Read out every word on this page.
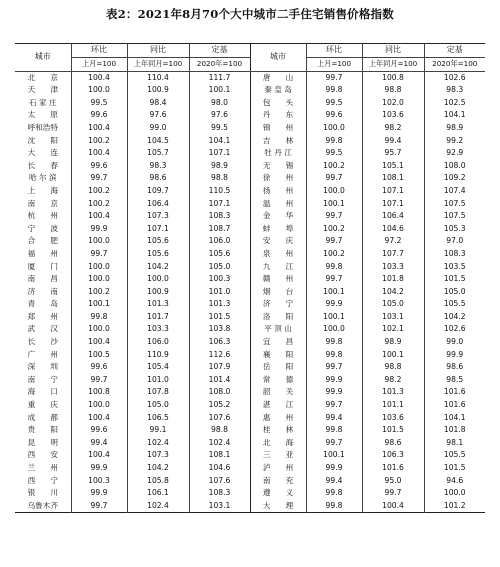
表2：2021年8月70个大中城市二手住宅销售价格指数
城市	环比	同比	定基	城市	环比	同比	定基
	上月=100	上年同月=100	2020年=100		上月=100	上年同月=100	2020年=100
北　　京	100.4	110.4	111.7	唐　　山	99.7	100.8	102.6
天　　津	100.0	100.9	100.1	秦 皇 岛	99.8	98.8	98.3
石 家 庄	99.5	98.4	98.0	包　　头	99.5	102.0	102.5
太　　原	99.6	97.6	97.6	丹　　东	99.6	103.6	104.1
呼和浩特	100.4	99.0	99.5	锦　　州	100.0	98.2	98.9
沈　　阳	100.2	104.5	104.1	吉　　林	99.8	99.4	99.2
大　　连	100.4	105.7	107.1	牡 丹 江	99.5	95.7	92.9
长　　春	99.6	98.3	98.9	无　　锡	100.2	105.1	108.0
哈 尔 滨	99.7	98.6	98.8	徐　　州	99.7	108.1	109.2
上　　海	100.2	109.7	110.5	扬　　州	100.0	107.1	107.4
南　　京	100.2	106.4	107.1	温　　州	100.1	107.1	107.5
杭　　州	100.4	107.3	108.3	金　　华	99.7	106.4	107.5
宁　　波	99.9	107.1	108.7	蚌　　埠	100.2	104.6	105.3
合　　肥	100.0	105.6	106.0	安　　庆	99.7	97.2	97.0
福　　州	99.7	105.6	105.6	泉　　州	100.2	107.7	108.3
厦　　门	100.0	104.2	105.0	九　　江	99.8	103.3	103.5
南　　昌	100.0	100.0	100.3	赣　　州	99.7	101.8	101.5
济　　南	100.2	100.9	101.0	烟　　台	100.1	104.2	105.0
青　　岛	100.1	101.3	101.3	济　　宁	99.9	105.0	105.5
郑　　州	99.8	101.7	101.5	洛　　阳	100.1	103.1	104.2
武　　汉	100.0	103.3	103.8	平 顶 山	100.0	102.1	102.6
长　　沙	100.4	106.0	106.3	宜　　昌	99.8	98.9	99.0
广　　州	100.5	110.9	112.6	襄　　阳	99.8	100.1	99.9
深　　圳	99.6	105.4	107.9	岳　　阳	99.7	98.8	98.6
南　　宁	99.7	101.0	101.4	常　　德	99.9	98.2	98.5
海　　口	100.8	107.8	108.0	韶　　关	99.9	101.3	101.6
重　　庆	100.0	105.0	105.2	湛　　江	99.7	101.1	101.6
成　　都	100.4	106.5	107.6	惠　　州	99.4	103.6	104.1
贵　　阳	99.6	99.1	98.8	桂　　林	99.8	101.5	101.8
昆　　明	99.4	102.4	102.4	北　　海	99.7	98.6	98.1
西　　安	100.4	107.3	108.1	三　　亚	100.1	106.3	105.5
兰　　州	99.9	104.2	104.6	泸　　州	99.9	101.6	101.5
西　　宁	100.3	105.8	107.6	南　　充	99.4	95.0	94.6
银　　川	99.9	106.1	108.3	遵　　义	99.8	99.7	100.0
乌鲁木齐	99.7	102.4	103.1	大　　理	99.8	100.4	101.2
